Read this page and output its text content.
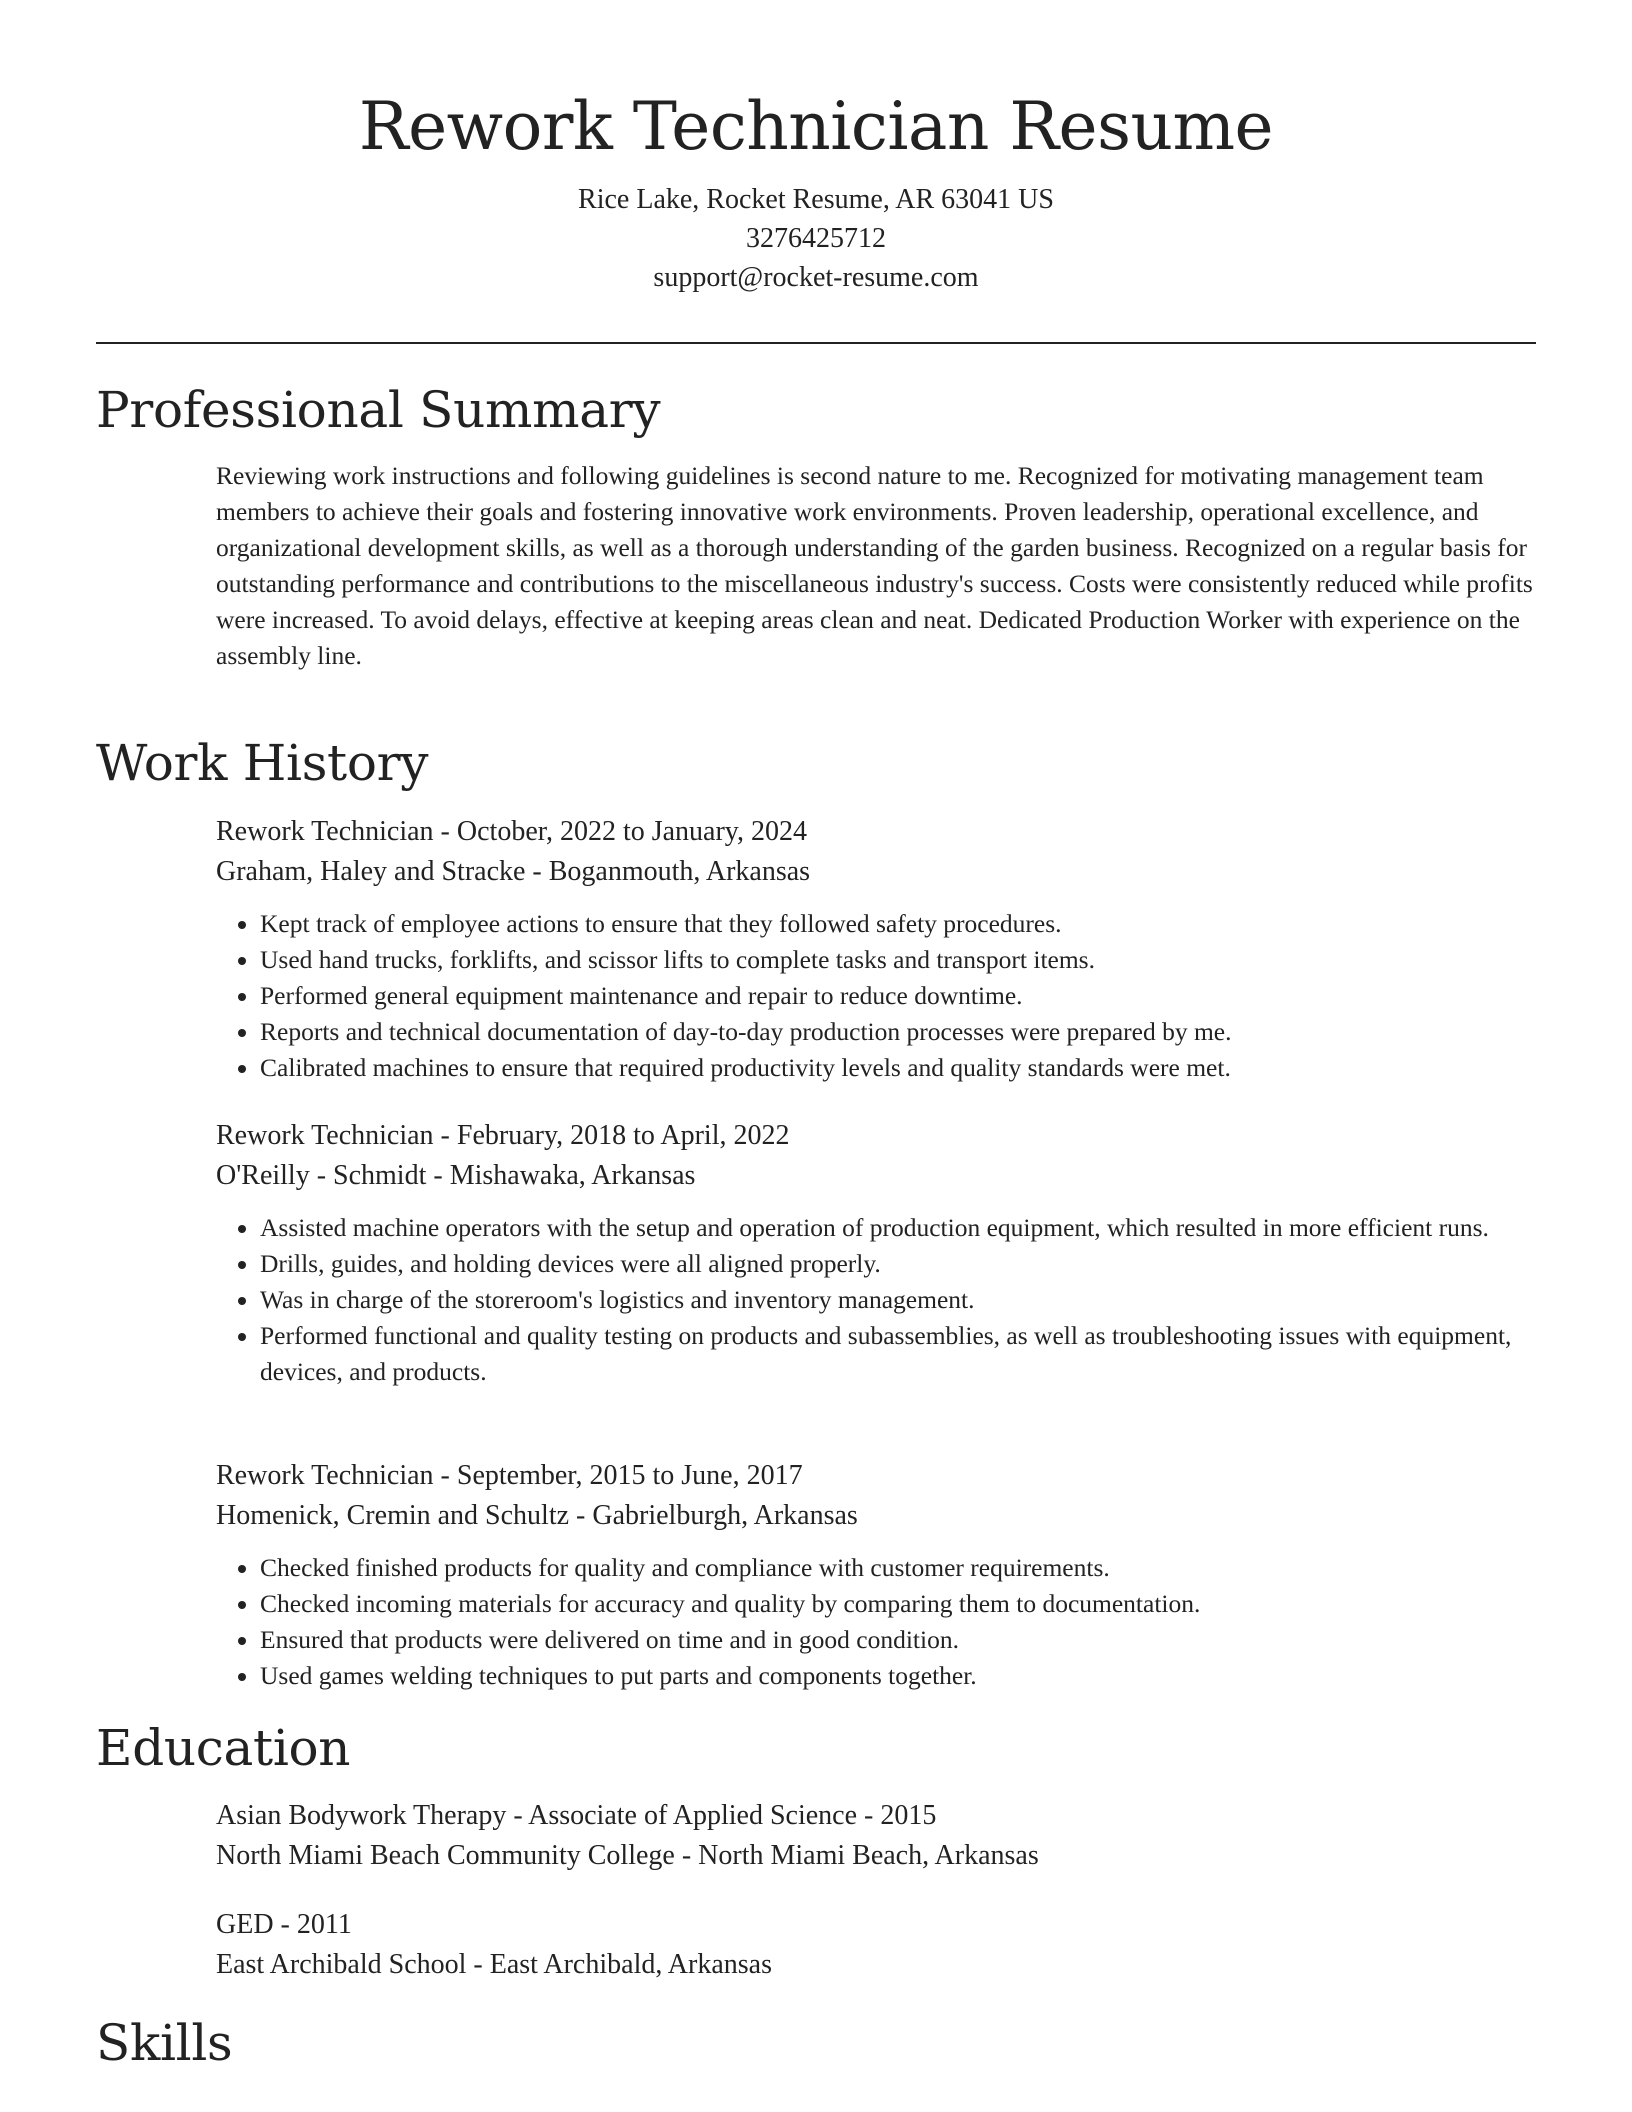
Rework Technician Resume

Rice Lake, Rocket Resume, AR 63041 US

3276425712

support@rocket-resume.com

Professional Summary

Reviewing work instructions and following guidelines is second nature to me. Recognized for motivating management team members to achieve their goals and fostering innovative work environments. Proven leadership, operational excellence, and organizational development skills, as well as a thorough understanding of the garden business. Recognized on a regular basis for outstanding performance and contributions to the miscellaneous industry's success. Costs were consistently reduced while profits were increased. To avoid delays, effective at keeping areas clean and neat. Dedicated Production Worker with experience on the assembly line.

Work History

Rework Technician - October, 2022 to January, 2024

Graham, Haley and Stracke - Boganmouth, Arkansas

• Kept track of employee actions to ensure that they followed safety procedures.
• Used hand trucks, forklifts, and scissor lifts to complete tasks and transport items.
• Performed general equipment maintenance and repair to reduce downtime.
• Reports and technical documentation of day-to-day production processes were prepared by me.
• Calibrated machines to ensure that required productivity levels and quality standards were met.

Rework Technician - February, 2018 to April, 2022

O'Reilly - Schmidt - Mishawaka, Arkansas

• Assisted machine operators with the setup and operation of production equipment, which resulted in more efficient runs.
• Drills, guides, and holding devices were all aligned properly.
• Was in charge of the storeroom's logistics and inventory management.
• Performed functional and quality testing on products and subassemblies, as well as troubleshooting issues with equipment, devices, and products.

Rework Technician - September, 2015 to June, 2017

Homenick, Cremin and Schultz - Gabrielburgh, Arkansas

• Checked finished products for quality and compliance with customer requirements.
• Checked incoming materials for accuracy and quality by comparing them to documentation.
• Ensured that products were delivered on time and in good condition.
• Used games welding techniques to put parts and components together.
Education

Asian Bodywork Therapy - Associate of Applied Science - 2015

North Miami Beach Community College - North Miami Beach, Arkansas

GED - 2011

East Archibald School - East Archibald, Arkansas

Skills
